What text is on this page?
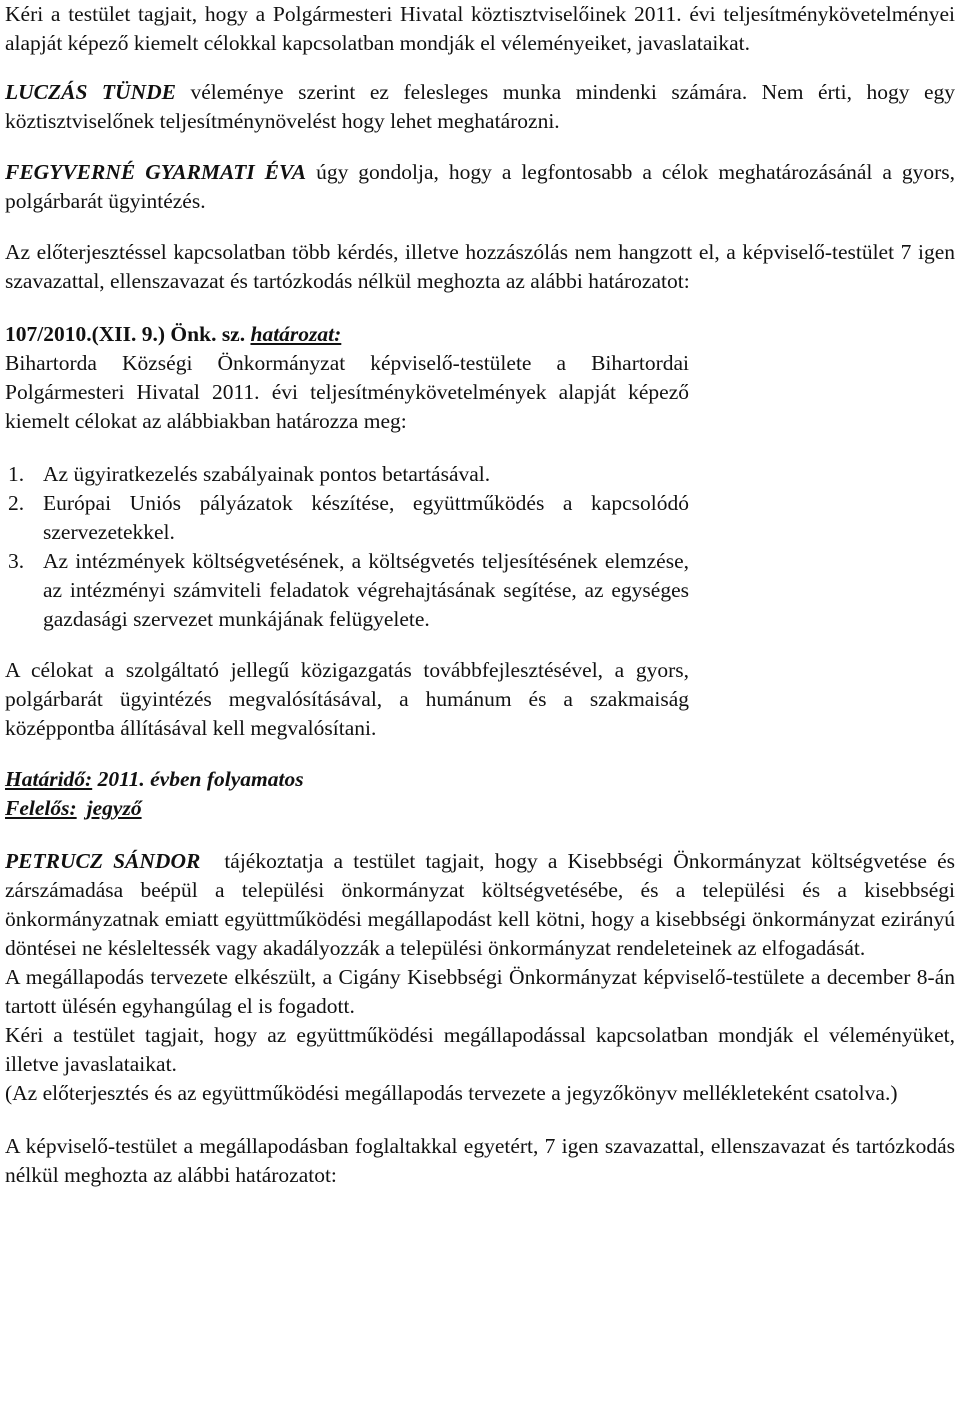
Kéri a testület tagjait, hogy a Polgármesteri Hivatal köztisztviselőinek 2011. évi teljesítménykövetelményei alapját képező kiemelt célokkal kapcsolatban mondják el véleményeiket, javaslataikat.

LUCZÁS TÜNDE véleménye szerint ez felesleges munka mindenki számára. Nem érti, hogy egy köztisztviselőnek teljesítménynövelést hogy lehet meghatározni.

FEGYVERNÉ GYARMATI ÉVA úgy gondolja, hogy a legfontosabb a célok meghatározásánál a gyors, polgárbarát ügyintézés.

Az előterjesztéssel kapcsolatban több kérdés, illetve hozzászólás nem hangzott el, a képviselő-testület 7 igen szavazattal, ellenszavazat és tartózkodás nélkül meghozta az alábbi határozatot:

107/2010.(XII. 9.) Önk. sz. határozat:

Bihartorda Községi Önkormányzat képviselő-testülete a Bihartordai Polgármesteri Hivatal 2011. évi teljesítménykövetelmények alapját képező kiemelt célokat az alábbiakban határozza meg:

1. Az ügyiratkezelés szabályainak pontos betartásával.
2. Európai Uniós pályázatok készítése, együttműködés a kapcsolódó szervezetekkel.
3. Az intézmények költségvetésének, a költségvetés teljesítésének elemzése, az intézményi számviteli feladatok végrehajtásának segítése, az egységes gazdasági szervezet munkájának felügyelete.

A célokat a szolgáltató jellegű közigazgatás továbbfejlesztésével, a gyors, polgárbarát ügyintézés megvalósításával, a humánum és a szakmaiság középpontba állításával kell megvalósítani.

Határidő: 2011. évben folyamatos

Felelős: jegyző

PETRUCZ SÁNDOR tájékoztatja a testület tagjait, hogy a Kisebbségi Önkormányzat költségvetése és zárszámadása beépül a települési önkormányzat költségvetésébe, és a települési és a kisebbségi önkormányzatnak emiatt együttműködési megállapodást kell kötni, hogy a kisebbségi önkormányzat ezirányú döntései ne késleltessék vagy akadályozzák a települési önkormányzat rendeleteinek az elfogadását.

A megállapodás tervezete elkészült, a Cigány Kisebbségi Önkormányzat képviselő-testülete a december 8-án tartott ülésén egyhangúlag el is fogadott.

Kéri a testület tagjait, hogy az együttműködési megállapodással kapcsolatban mondják el véleményüket, illetve javaslataikat.

(Az előterjesztés és az együttműködési megállapodás tervezete a jegyzőkönyv mellékleteként csatolva.)

A képviselő-testület a megállapodásban foglaltakkal egyetért, 7 igen szavazattal, ellenszavazat és tartózkodás nélkül meghozta az alábbi határozatot:
